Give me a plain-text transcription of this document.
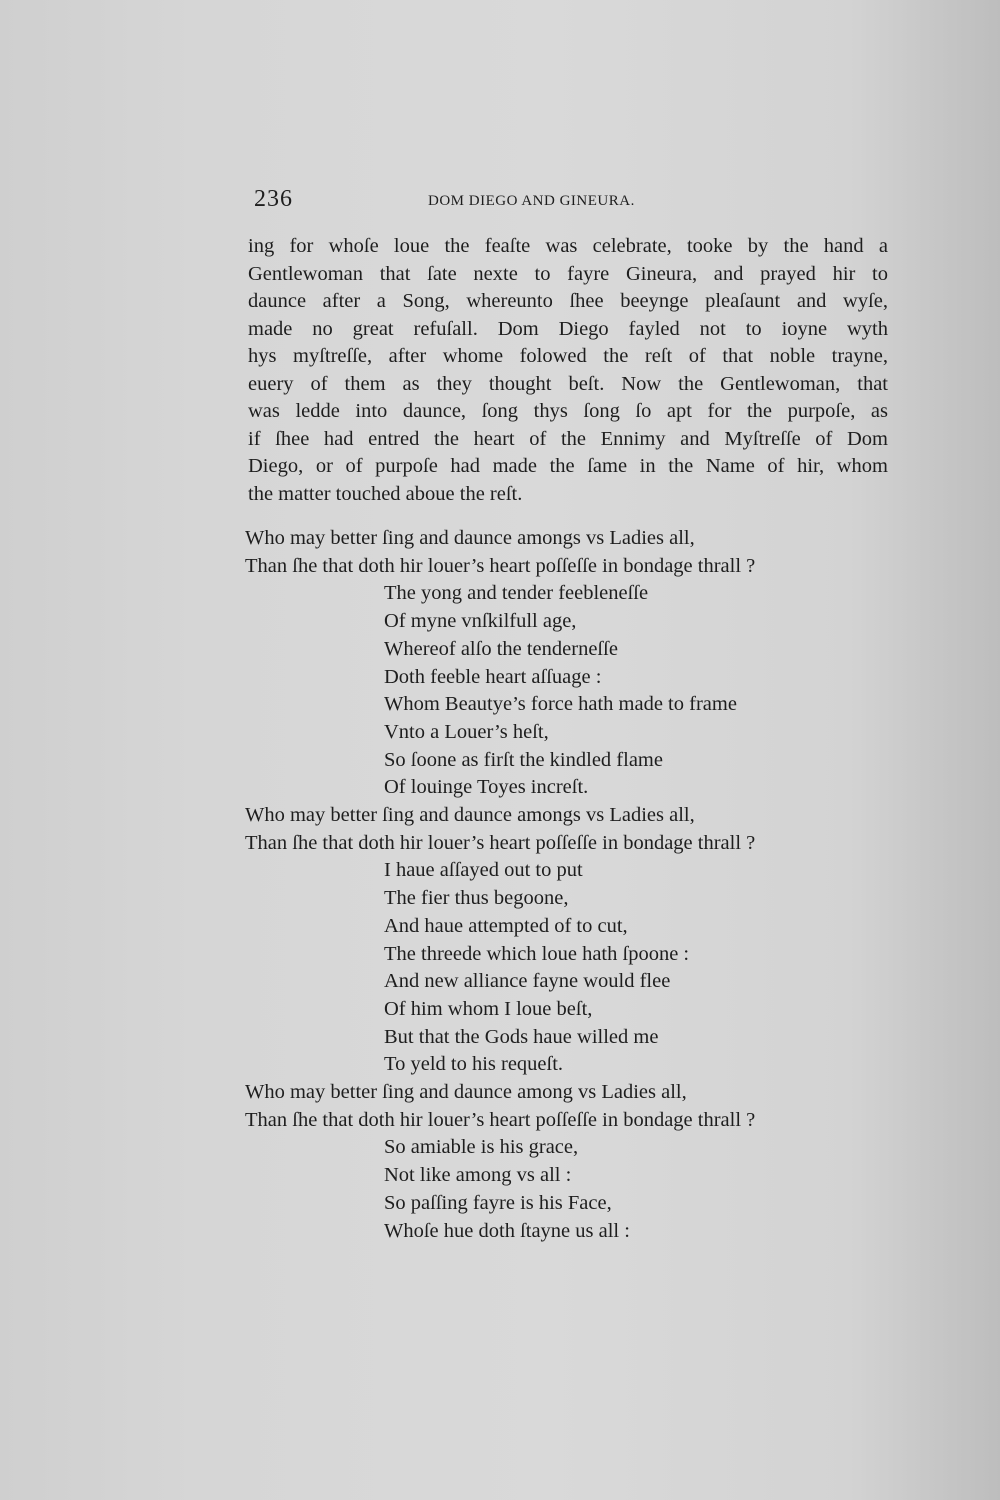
236	DOM DIEGO AND GINEURA.
ing for whoſe loue the feaſte was celebrate, tooke by the hand a
Gentlewoman that ſate nexte to fayre Gineura, and prayed hir to
daunce after a Song, whereunto ſhee beeynge pleaſaunt and wyſe,
made no great refuſall. Dom Diego fayled not to ioyne wyth
hys myſtreſſe, after whome folowed the reſt of that noble trayne,
euery of them as they thought beſt. Now the Gentlewoman, that
was ledde into daunce, ſong thys ſong ſo apt for the purpoſe, as
if ſhee had entred the heart of the Ennimy and Myſtreſſe of Dom
Diego, or of purpoſe had made the ſame in the Name of hir, whom
the matter touched aboue the reſt.
Who may better ſing and daunce amongs vs Ladies all,
Than ſhe that doth hir louer’s heart poſſeſſe in bondage thrall ?
The yong and tender feebleneſſe
Of myne vnſkilfull age,
Whereof alſo the tenderneſſe
Doth feeble heart aſſuage :
Whom Beautye’s force hath made to frame
Vnto a Louer’s heſt,
So ſoone as firſt the kindled flame
Of louinge Toyes increſt.
Who may better ſing and daunce amongs vs Ladies all,
Than ſhe that doth hir louer’s heart poſſeſſe in bondage thrall ?
I haue aſſayed out to put
The fier thus begoone,
And haue attempted of to cut,
The threede which loue hath ſpoone :
And new alliance fayne would flee
Of him whom I loue beſt,
But that the Gods haue willed me
To yeld to his requeſt.
Who may better ſing and daunce among vs Ladies all,
Than ſhe that doth hir louer’s heart poſſeſſe in bondage thrall ?
So amiable is his grace,
Not like among vs all :
So paſſing fayre is his Face,
Whoſe hue doth ſtayne us all :
